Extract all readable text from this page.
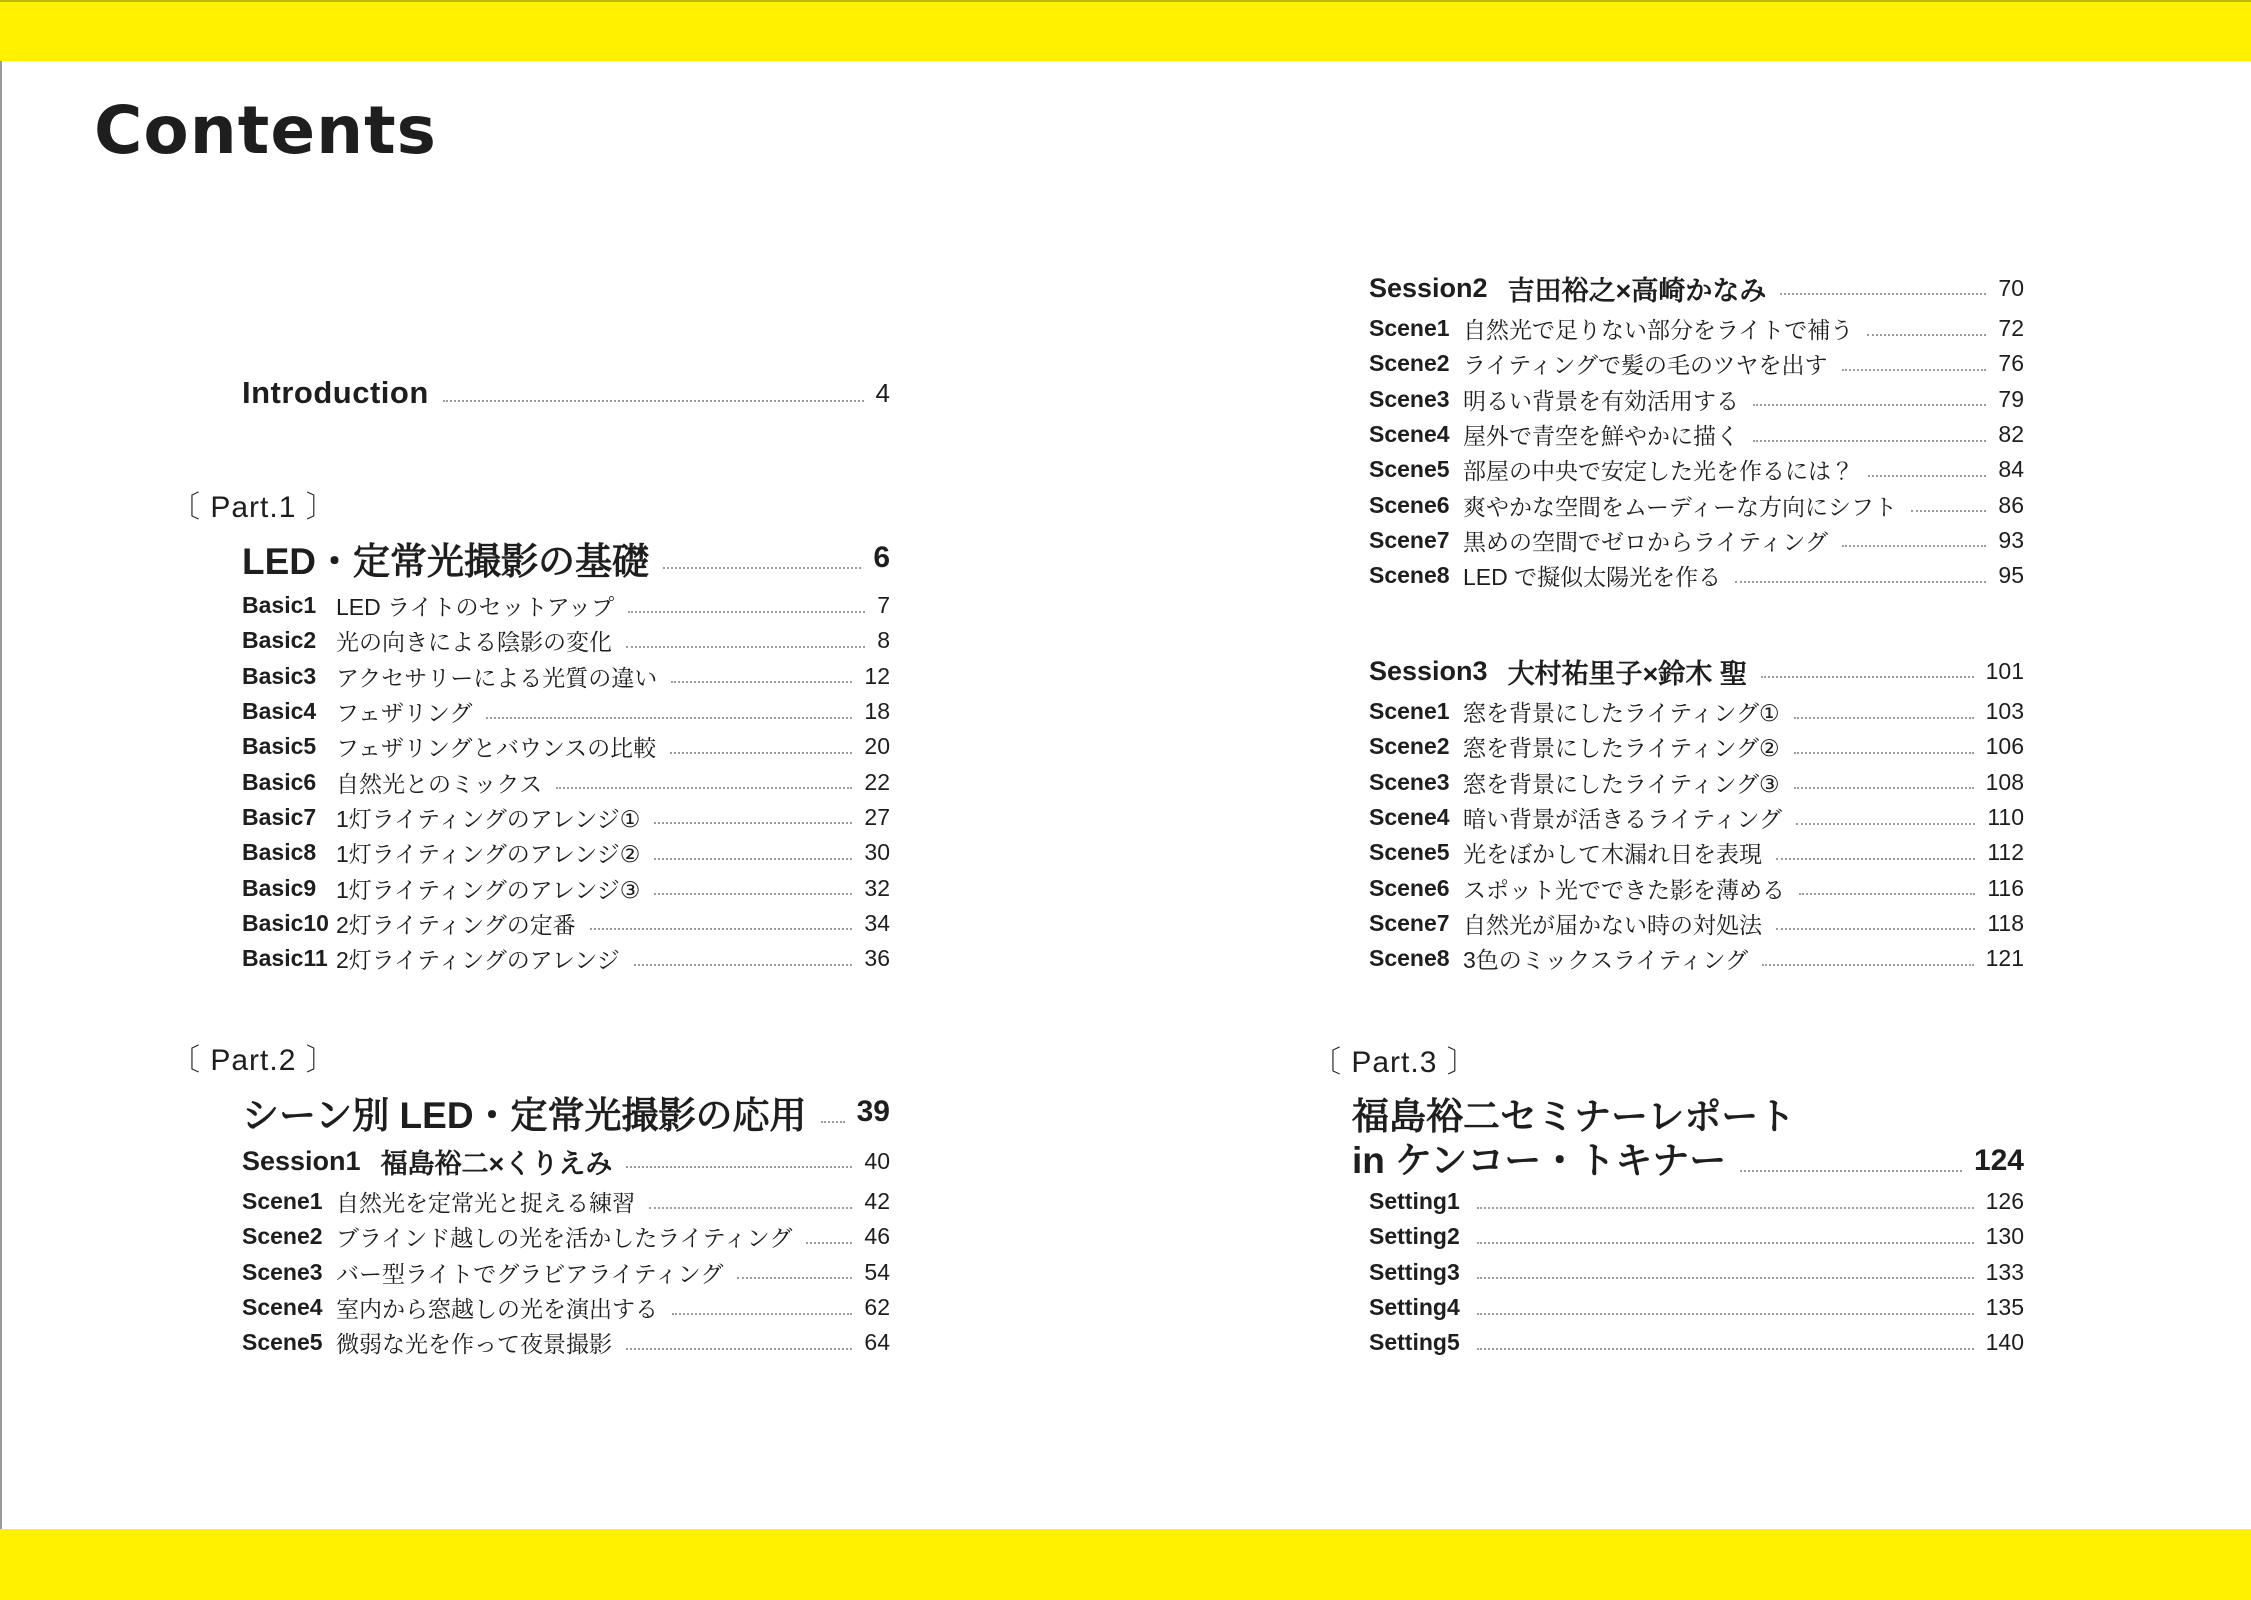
Contents
Introduction	4
〔 Part.1 〕
LED・定常光撮影の基礎	6
Basic1 LED ライトのセットアップ	7
Basic2 光の向きによる陰影の変化	8
Basic3 アクセサリーによる光質の違い	12
Basic4 フェザリング	18
Basic5 フェザリングとバウンスの比較	20
Basic6 自然光とのミックス	22
Basic7 1灯ライティングのアレンジ①	27
Basic8 1灯ライティングのアレンジ②	30
Basic9 1灯ライティングのアレンジ③	32
Basic10 2灯ライティングの定番	34
Basic11 2灯ライティングのアレンジ	36
〔 Part.2 〕
シーン別 LED・定常光撮影の応用 39
Session1 福島裕二×くりえみ	40
Scene1 自然光を定常光と捉える練習	42
Scene2 ブラインド越しの光を活かしたライティング	46
Scene3 バー型ライトでグラビアライティング	54
Scene4 室内から窓越しの光を演出する	62
Scene5 微弱な光を作って夜景撮影	64
Session2 吉田裕之×高崎かなみ	70
Scene1 自然光で足りない部分をライトで補う	72
Scene2 ライティングで髪の毛のツヤを出す	76
Scene3 明るい背景を有効活用する	79
Scene4 屋外で青空を鮮やかに描く	82
Scene5 部屋の中央で安定した光を作るには？	84
Scene6 爽やかな空間をムーディーな方向にシフト	86
Scene7 黒めの空間でゼロからライティング	93
Scene8 LED で擬似太陽光を作る	95
Session3 大村祐里子×鈴木 聖	101
Scene1 窓を背景にしたライティング①	103
Scene2 窓を背景にしたライティング②	106
Scene3 窓を背景にしたライティング③	108
Scene4 暗い背景が活きるライティング	110
Scene5 光をぼかして木漏れ日を表現	112
Scene6 スポット光でできた影を薄める	116
Scene7 自然光が届かない時の対処法	118
Scene8 3色のミックスライティング	121
〔 Part.3 〕
福島裕二セミナーレポート
in ケンコー・トキナー	124
Setting1	126
Setting2	130
Setting3	133
Setting4	135
Setting5	140
